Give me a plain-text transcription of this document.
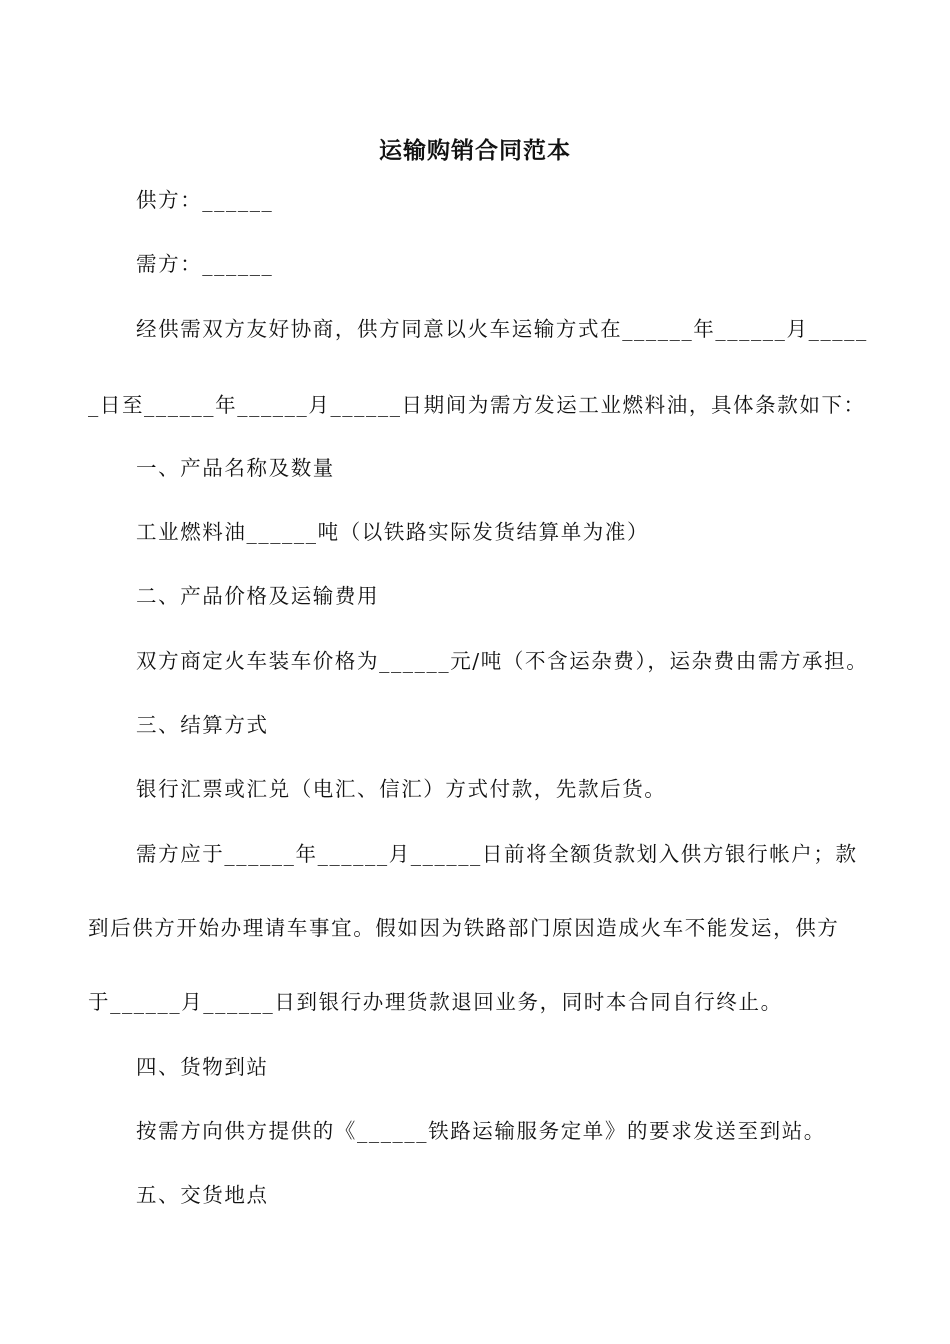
运输购销合同范本
供方：______
需方：______
经供需双方友好协商，供方同意以火车运输方式在______年______月_____
_日至______年______月______日期间为需方发运工业燃料油，具体条款如下：
一、产品名称及数量
工业燃料油______吨（以铁路实际发货结算单为准）
二、产品价格及运输费用
双方商定火车装车价格为______元/吨（不含运杂费），运杂费由需方承担。
三、结算方式
银行汇票或汇兑（电汇、信汇）方式付款，先款后货。
需方应于______年______月______日前将全额货款划入供方银行帐户；款
到后供方开始办理请车事宜。假如因为铁路部门原因造成火车不能发运，供方
于______月______日到银行办理货款退回业务，同时本合同自行终止。
四、货物到站
按需方向供方提供的《______铁路运输服务定单》的要求发送至到站。
五、交货地点
